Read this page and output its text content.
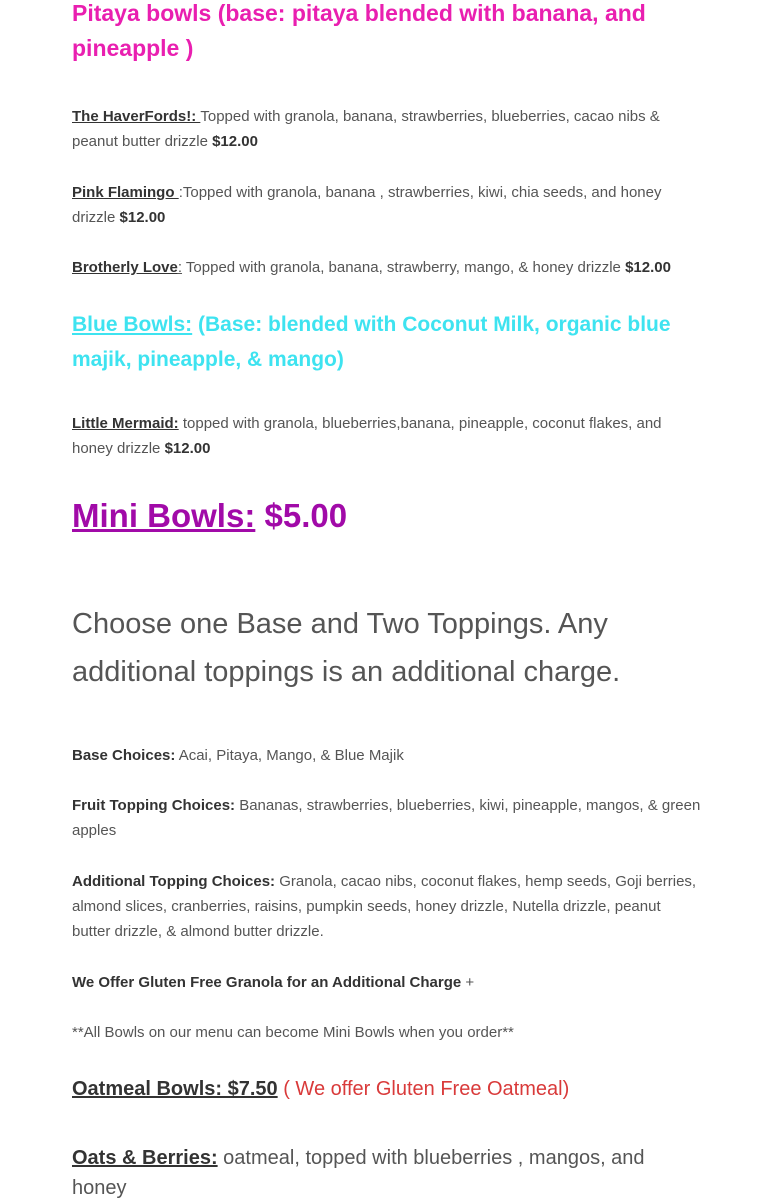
Pitaya bowls (base: pitaya blended with banana, and pineapple )
The HaverFords!: Topped with granola, banana, strawberries, blueberries, cacao nibs & peanut butter drizzle $12.00
Pink Flamingo :Topped with granola, banana , strawberries, kiwi, chia seeds, and honey drizzle $12.00
Brotherly Love: Topped with granola, banana, strawberry, mango, & honey drizzle $12.00
Blue Bowls: (Base: blended with Coconut Milk, organic blue majik, pineapple, & mango)
Little Mermaid: topped with granola, blueberries,banana, pineapple, coconut flakes, and honey drizzle $12.00
Mini Bowls: $5.00
Choose one Base and Two Toppings. Any additional toppings is an additional charge.
Base Choices: Acai, Pitaya, Mango, & Blue Majik
Fruit Topping Choices: Bananas, strawberries, blueberries, kiwi, pineapple, mangos, & green apples
Additional Topping Choices: Granola, cacao nibs, coconut flakes, hemp seeds, Goji berries, almond slices, cranberries, raisins, pumpkin seeds, honey drizzle, Nutella drizzle, peanut butter drizzle, & almond butter drizzle.
We Offer Gluten Free Granola for an Additional Charge +
**All Bowls on our menu can become Mini Bowls when you order**
Oatmeal Bowls: $7.50 ( We offer Gluten Free Oatmeal)
Oats & Berries: oatmeal, topped with blueberries , mangos, and honey
